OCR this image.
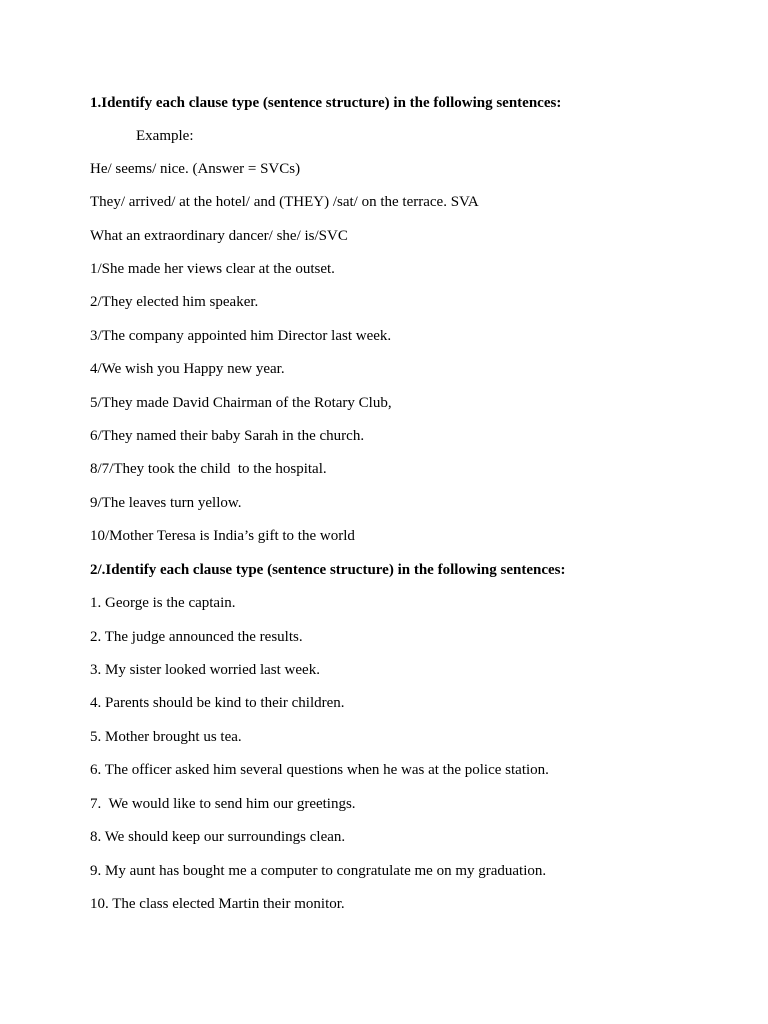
1.Identify each clause type (sentence structure) in the following sentences:
Example:
He/ seems/ nice. (Answer = SVCs)
They/ arrived/ at the hotel/ and (THEY) /sat/ on the terrace. SVA
What an extraordinary dancer/ she/ is/SVC
1/She made her views clear at the outset.
2/They elected him speaker.
3/The company appointed him Director last week.
4/We wish you Happy new year.
5/They made David Chairman of the Rotary Club,
6/They named their baby Sarah in the church.
8/7/They took the child  to the hospital.
9/The leaves turn yellow.
10/Mother Teresa is India’s gift to the world
2/.Identify each clause type (sentence structure) in the following sentences:
1. George is the captain.
2. The judge announced the results.
3. My sister looked worried last week.
4. Parents should be kind to their children.
5. Mother brought us tea.
6. The officer asked him several questions when he was at the police station.
7.  We would like to send him our greetings.
8. We should keep our surroundings clean.
9. My aunt has bought me a computer to congratulate me on my graduation.
10. The class elected Martin their monitor.
